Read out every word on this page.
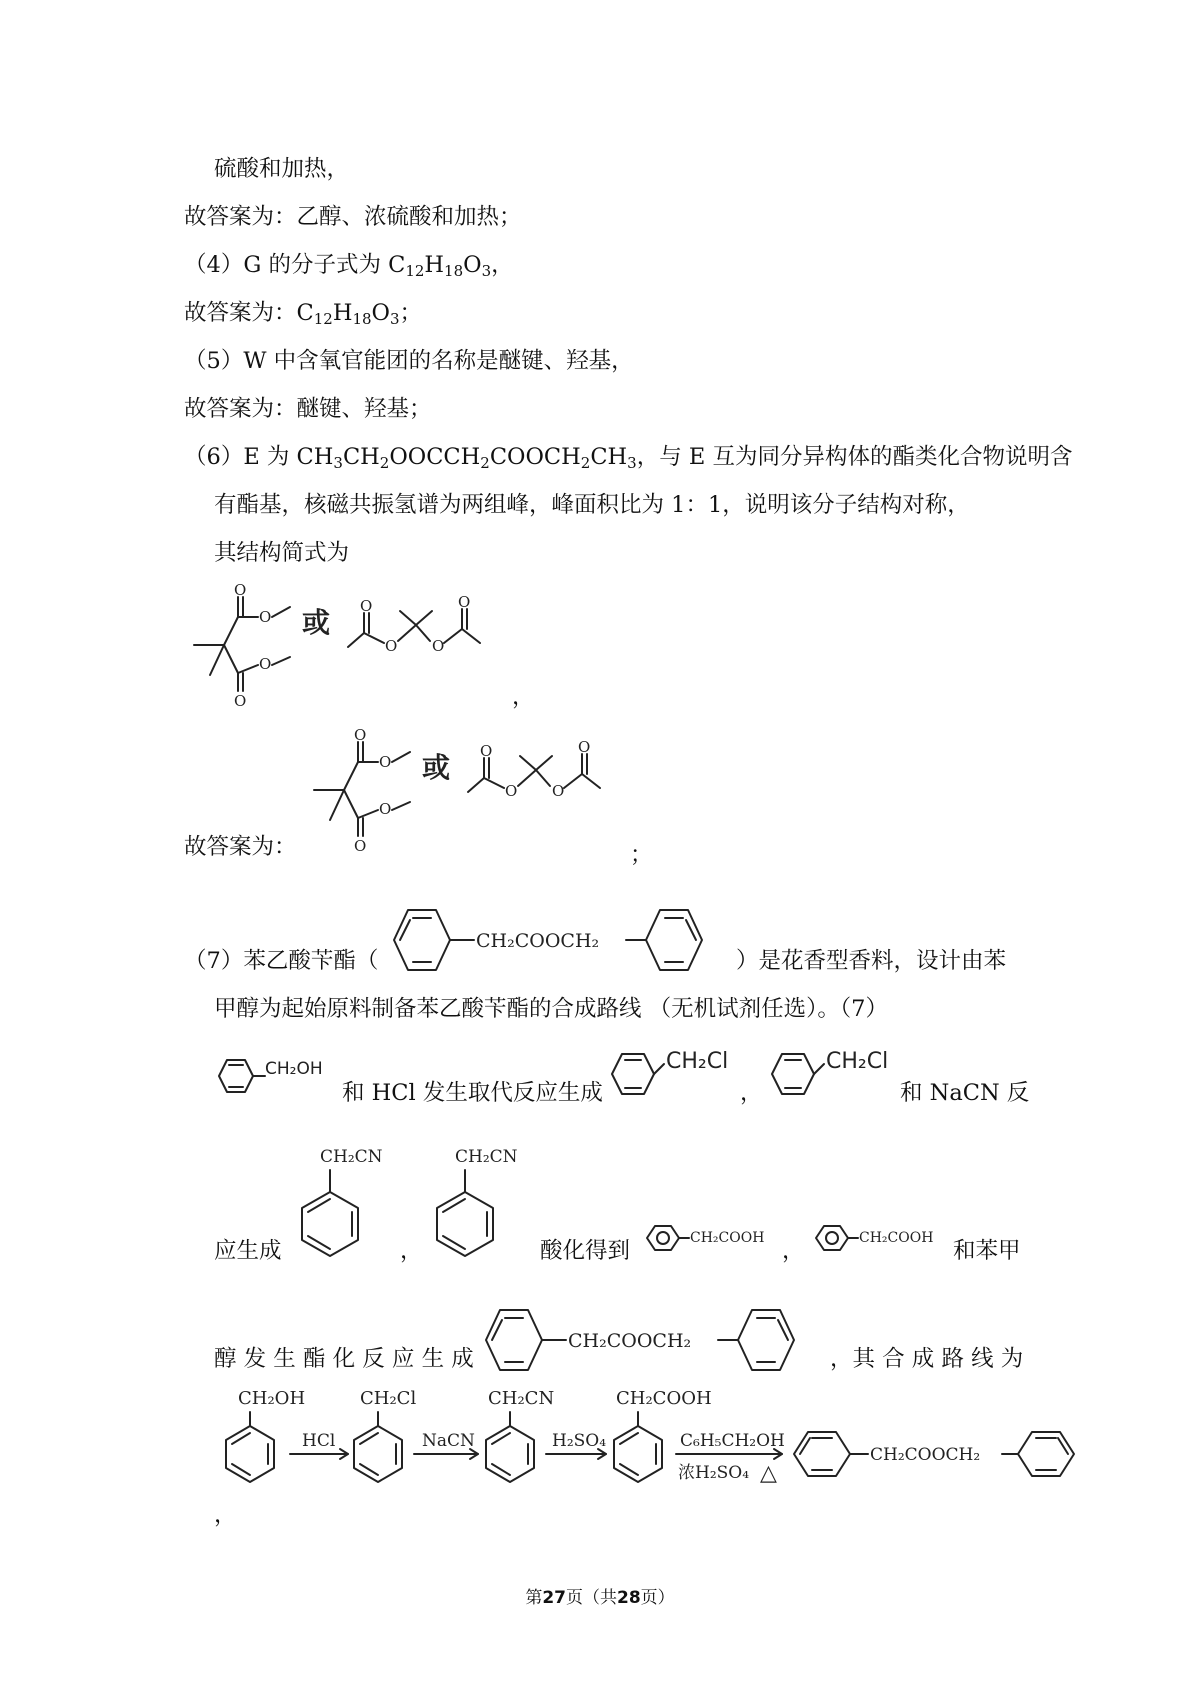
硫酸和加热，
故答案为：乙醇、浓硫酸和加热；
（4）G 的分子式为 $C_{12}H_{18}O_3$，
故答案为：$C_{12}H_{18}O_3$；
（5）W 中含氧官能团的名称是醚键、羟基，
故答案为：醚键、羟基；
（6）E 为 $CH_3CH_2OOCCH_2COOCH_2CH_3$，与 E 互为同分异构体的酯类化合物说明含
有酯基，核磁共振氢谱为两组峰，峰面积比为 1：1，说明该分子结构对称，
其结构简式为
O
O
O
O
或 O
O O
O
，
O
O
O
O
或 O
O O
O
故答案为：	；
（7）苯乙酸苄酯（
CH₂COOCH₂
）是花香型香料，设计由苯
甲醇为起始原料制备苯乙酸苄酯的合成路线 （无机试剂任选）。（7）
CH₂OH
和 HCl 发生取代反应生成
CH₂Cl
，
CH₂Cl
和 NaCN 反
应生成
CH₂CN
，
CH₂CN
酸化得到	CH₂COOH ，	CH₂COOH 和苯甲
醇 发 生 酯 化 反 应 生 成
CH₂COOCH₂
，其 合 成 路 线 为
CH₂OH
HCl
CH₂Cl
NaCN
CH₂CN
H₂SO₄
CH₂COOH
C₆H₅CH₂OH
浓H₂SO₄ △
CH₂COOCH₂
，
第27页（共28页）
